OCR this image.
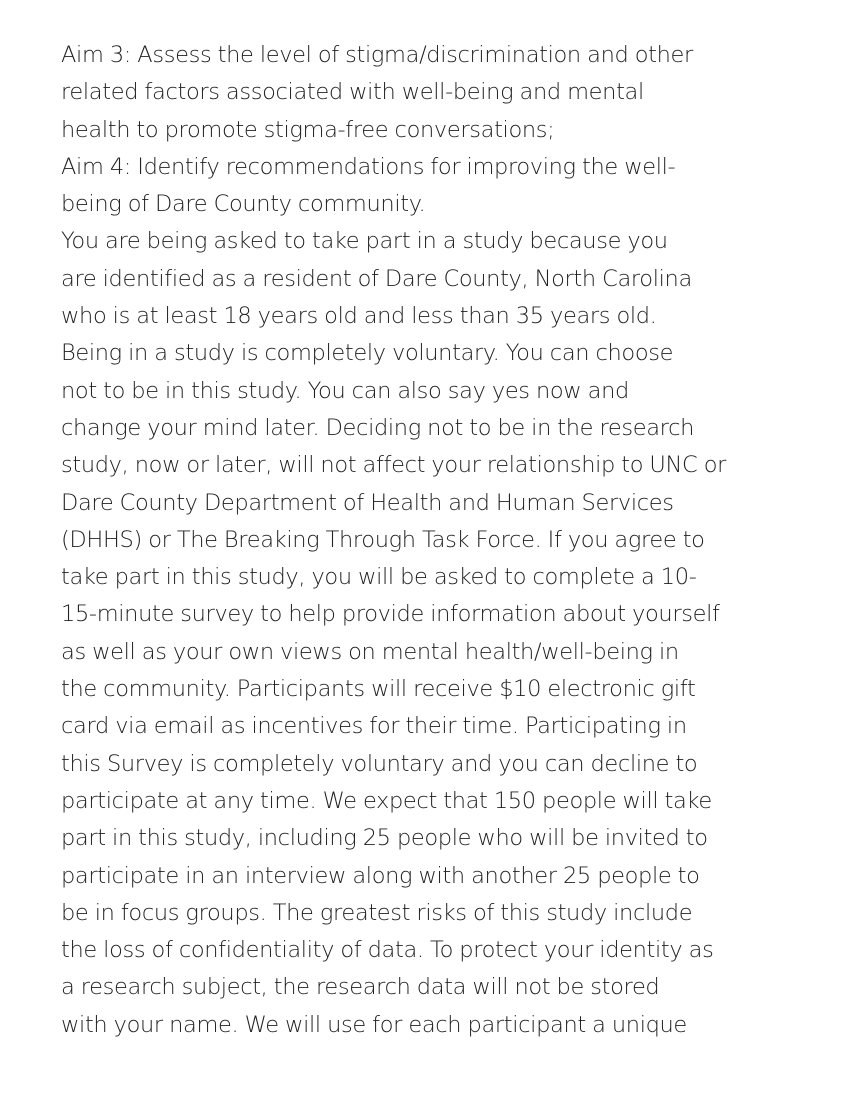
Aim 3: Assess the level of stigma/discrimination and other
related factors associated with well-being and mental
health to promote stigma-free conversations;
Aim 4: Identify recommendations for improving the well-
being of Dare County community.
You are being asked to take part in a study because you
are identified as a resident of Dare County, North Carolina
who is at least 18 years old and less than 35 years old.
Being in a study is completely voluntary. You can choose
not to be in this study. You can also say yes now and
change your mind later. Deciding not to be in the research
study, now or later, will not affect your relationship to UNC or
Dare County Department of Health and Human Services
(DHHS) or The Breaking Through Task Force. If you agree to
take part in this study, you will be asked to complete a 10-
15-minute survey to help provide information about yourself
as well as your own views on mental health/well-being in
the community. Participants will receive $10 electronic gift
card via email as incentives for their time. Participating in
this Survey is completely voluntary and you can decline to
participate at any time. We expect that 150 people will take
part in this study, including 25 people who will be invited to
participate in an interview along with another 25 people to
be in focus groups. The greatest risks of this study include
the loss of confidentiality of data. To protect your identity as
a research subject, the research data will not be stored
with your name. We will use for each participant a unique
